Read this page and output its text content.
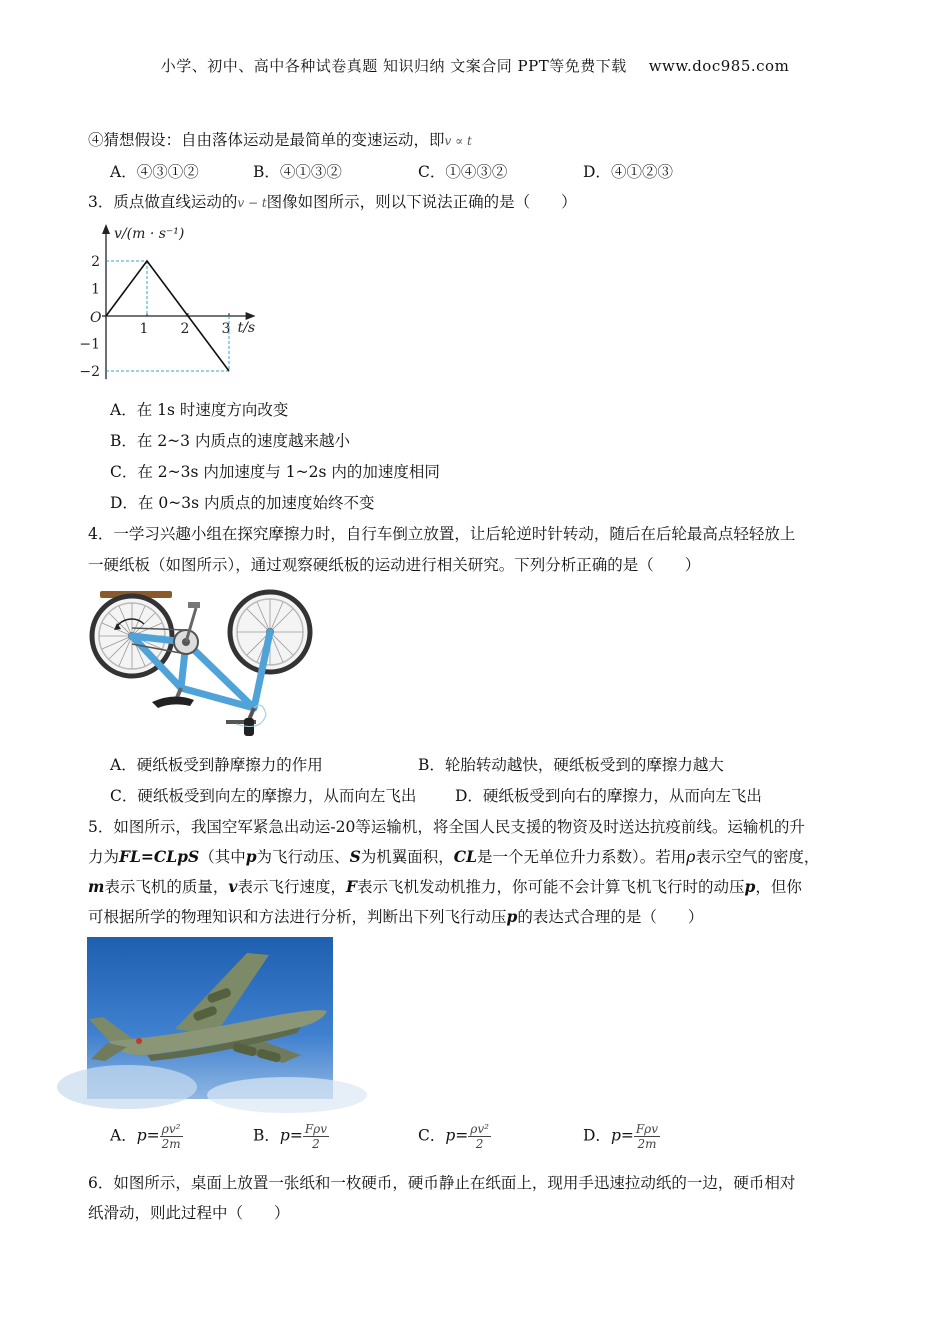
小学、初中、高中各种试卷真题 知识归纳 文案合同 PPT等免费下载 www.doc985.com
④猜想假设：自由落体运动是最简单的变速运动，即v ∝ t
A．④③①②	B．④①③②	C．①④③②	D．④①②③
3．质点做直线运动的v − t图像如图所示，则以下说法正确的是（　　）
v/(m · s⁻¹)
t/s
O
2
1
−1
−2
1 2 3
A．在 1s 时速度方向改变
B．在 2~3 内质点的速度越来越小
C．在 2~3s 内加速度与 1~2s 内的加速度相同
D．在 0~3s 内质点的加速度始终不变
4．一学习兴趣小组在探究摩擦力时，自行车倒立放置，让后轮逆时针转动，随后在后轮最高点轻轻放上
一硬纸板（如图所示），通过观察硬纸板的运动进行相关研究。下列分析正确的是（　　）
A．硬纸板受到静摩擦力的作用	B．轮胎转动越快，硬纸板受到的摩擦力越大
C．硬纸板受到向左的摩擦力，从而向左飞出 D．硬纸板受到向右的摩擦力，从而向左飞出
5．如图所示，我国空军紧急出动运-20等运输机，将全国人民支援的物资及时送达抗疫前线。运输机的升
力为FL=CLpS（其中p为飞行动压、S为机翼面积，CL是一个无单位升力系数）。若用ρ表示空气的密度，
m表示飞机的质量，v表示飞行速度，F表示飞机发动机推力，你可能不会计算飞机飞行时的动压p，但你
可根据所学的物理知识和方法进行分析，判断出下列飞行动压p的表达式合理的是（　　）
A．$p= \frac{\text{ρv²}}{2m}$	B．$p= \frac{\text{Fρv}}{2}$	C．$p= \frac{\text{ρv²}}{2}$	D．$p= \frac{\text{Fρv}}{2m}$
6．如图所示，桌面上放置一张纸和一枚硬币，硬币静止在纸面上，现用手迅速拉动纸的一边，硬币相对
纸滑动，则此过程中（　　）
